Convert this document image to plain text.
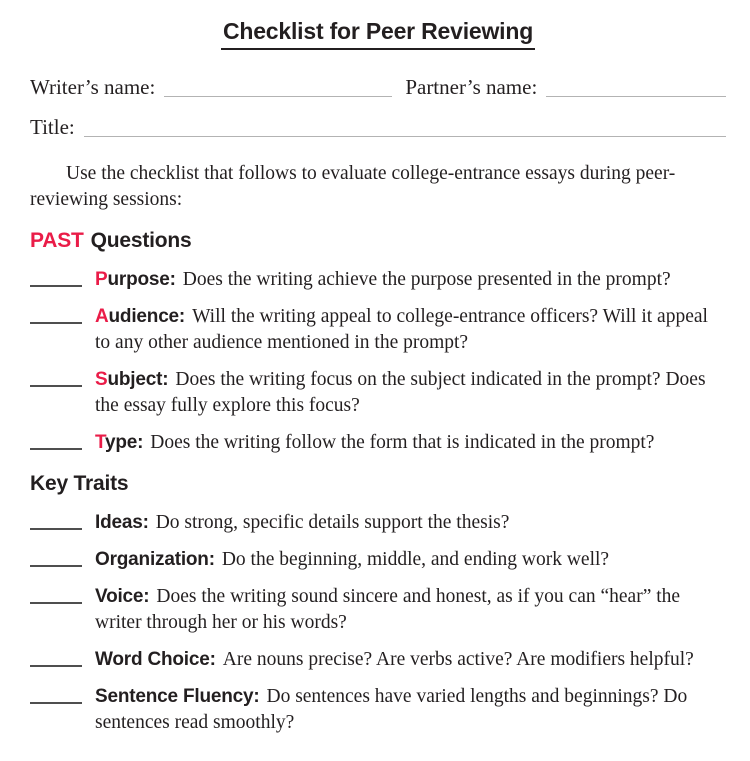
Checklist for Peer Reviewing
Writer’s name:	Partner’s name:
Title:

Use the checklist that follows to evaluate college-entrance essays during peer-reviewing sessions:

PAST Questions

Purpose: Does the writing achieve the purpose presented in the prompt?

Audience: Will the writing appeal to college-entrance officers? Will it appeal to any other audience mentioned in the prompt?

Subject: Does the writing focus on the subject indicated in the prompt? Does the essay fully explore this focus?

Type: Does the writing follow the form that is indicated in the prompt?

Key Traits

Ideas: Do strong, specific details support the thesis?

Organization: Do the beginning, middle, and ending work well?

Voice: Does the writing sound sincere and honest, as if you can “hear” the writer through her or his words?

Word Choice: Are nouns precise? Are verbs active? Are modifiers helpful?

Sentence Fluency: Do sentences have varied lengths and beginnings? Do sentences read smoothly?
